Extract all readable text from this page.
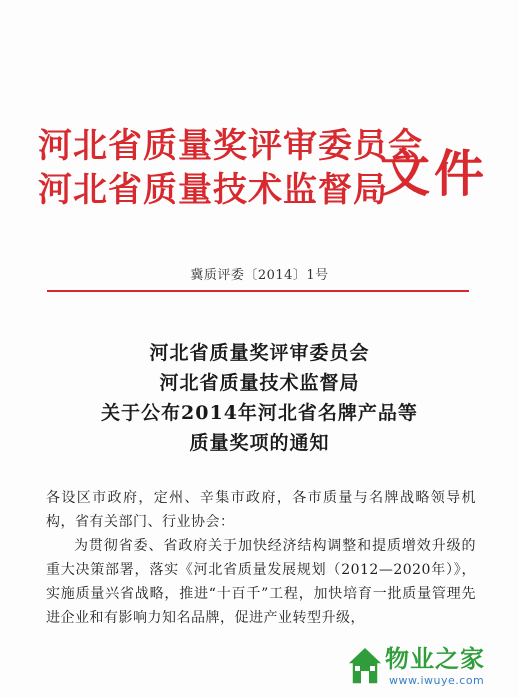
河北省质量奖评审委员会
河北省质量技术监督局
文件
冀质评委〔2014〕1号
河北省质量奖评审委员会
河北省质量技术监督局
关于公布2014年河北省名牌产品等
质量奖项的通知

各设区市政府，定州、辛集市政府，各市质量与名牌战略领导机构，省有关部门、行业协会：

为贯彻省委、省政府关于加快经济结构调整和提质增效升级的重大决策部署，落实《河北省质量发展规划（2012—2020年）》，实施质量兴省战略，推进“十百千”工程，加快培育一批质量管理先进企业和有影响力知名品牌，促进产业转型升级，

物业之家
www.iwuye.com
